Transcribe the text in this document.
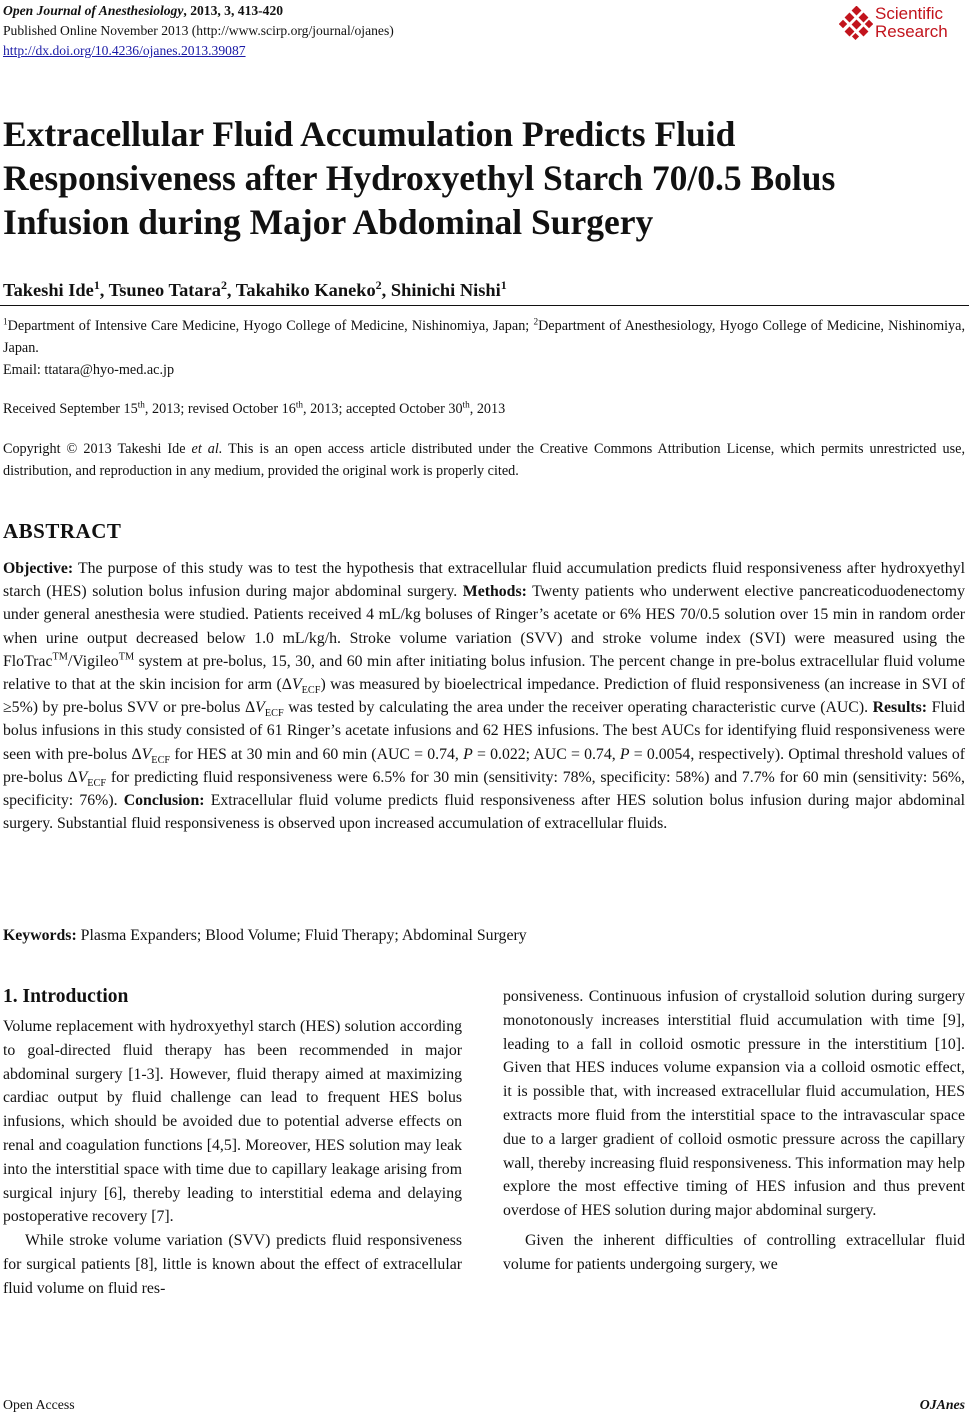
Open Journal of Anesthesiology, 2013, 3, 413-420
Published Online November 2013 (http://www.scirp.org/journal/ojanes)
http://dx.doi.org/10.4236/ojanes.2013.39087
Scientific
Research
Extracellular Fluid Accumulation Predicts Fluid Responsiveness after Hydroxyethyl Starch 70/0.5 Bolus Infusion during Major Abdominal Surgery
Takeshi Ide$^1$, Tsuneo Tatara$^2$, Takahiko Kaneko$^2$, Shinichi Nishi$^1$
$^1$Department of Intensive Care Medicine, Hyogo College of Medicine, Nishinomiya, Japan; $^2$Department of Anesthesiology, Hyogo College of Medicine, Nishinomiya, Japan.
Email: ttatara@hyo-med.ac.jp
Received September 15th, 2013; revised October 16th, 2013; accepted October 30th, 2013
Copyright © 2013 Takeshi Ide et al. This is an open access article distributed under the Creative Commons Attribution License, which permits unrestricted use, distribution, and reproduction in any medium, provided the original work is properly cited.
ABSTRACT

Objective: The purpose of this study was to test the hypothesis that extracellular fluid accumulation predicts fluid responsiveness after hydroxyethyl starch (HES) solution bolus infusion during major abdominal surgery. Methods: Twenty patients who underwent elective pancreaticoduodenectomy under general anesthesia were studied. Patients received 4 mL/kg boluses of Ringer’s acetate or 6% HES 70/0.5 solution over 15 min in random order when urine output decreased below 1.0 mL/kg/h. Stroke volume variation (SVV) and stroke volume index (SVI) were measured using the FloTrac™/Vigileo™ system at pre-bolus, 15, 30, and 60 min after initiating bolus infusion. The percent change in pre-bolus extracellular fluid volume relative to that at the skin incision for arm $(\Delta V_{ECF})$ was measured by bioelectrical impedance. Prediction of fluid responsiveness (an increase in SVI of ≥5%) by pre-bolus SVV or pre-bolus $\Delta V_{ECF}$ was tested by calculating the area under the receiver operating characteristic curve (AUC). Results: Fluid bolus infusions in this study consisted of 61 Ringer’s acetate infusions and 62 HES infusions. The best AUCs for identifying fluid responsiveness were seen with pre-bolus $\Delta V_{ECF}$ for HES at 30 min and 60 min (AUC = 0.74, P = 0.022; AUC = 0.74, P = 0.0054, respectively). Optimal threshold values of pre-bolus $\Delta V_{ECF}$ for predicting fluid responsiveness were 6.5% for 30 min (sensitivity: 78%, specificity: 58%) and 7.7% for 60 min (sensitivity: 56%, specificity: 76%). Conclusion: Extracellular fluid volume predicts fluid responsiveness after HES solution bolus infusion during major abdominal surgery. Substantial fluid responsiveness is observed upon increased accumulation of extracellular fluids.

Keywords: Plasma Expanders; Blood Volume; Fluid Therapy; Abdominal Surgery
1. Introduction

Volume replacement with hydroxyethyl starch (HES) solution according to goal-directed fluid therapy has been recommended in major abdominal surgery [1-3]. However, fluid therapy aimed at maximizing cardiac output by fluid challenge can lead to frequent HES bolus infusions, which should be avoided due to potential adverse effects on renal and coagulation functions [4,5]. Moreover, HES solution may leak into the interstitial space with time due to capillary leakage arising from surgical injury [6], thereby leading to interstitial edema and delaying postoperative recovery [7].

While stroke volume variation (SVV) predicts fluid responsiveness for surgical patients [8], little is known about the effect of extracellular fluid volume on fluid res-

ponsiveness. Continuous infusion of crystalloid solution during surgery monotonously increases interstitial fluid accumulation with time [9], leading to a fall in colloid osmotic pressure in the interstitium [10]. Given that HES induces volume expansion via a colloid osmotic effect, it is possible that, with increased extracellular fluid accumulation, HES extracts more fluid from the interstitial space to the intravascular space due to a larger gradient of colloid osmotic pressure across the capillary wall, thereby increasing fluid responsiveness. This information may help explore the most effective timing of HES infusion and thus prevent overdose of HES solution during major abdominal surgery.

Given the inherent difficulties of controlling extracellular fluid volume for patients undergoing surgery, we

Open Access	OJAnes
